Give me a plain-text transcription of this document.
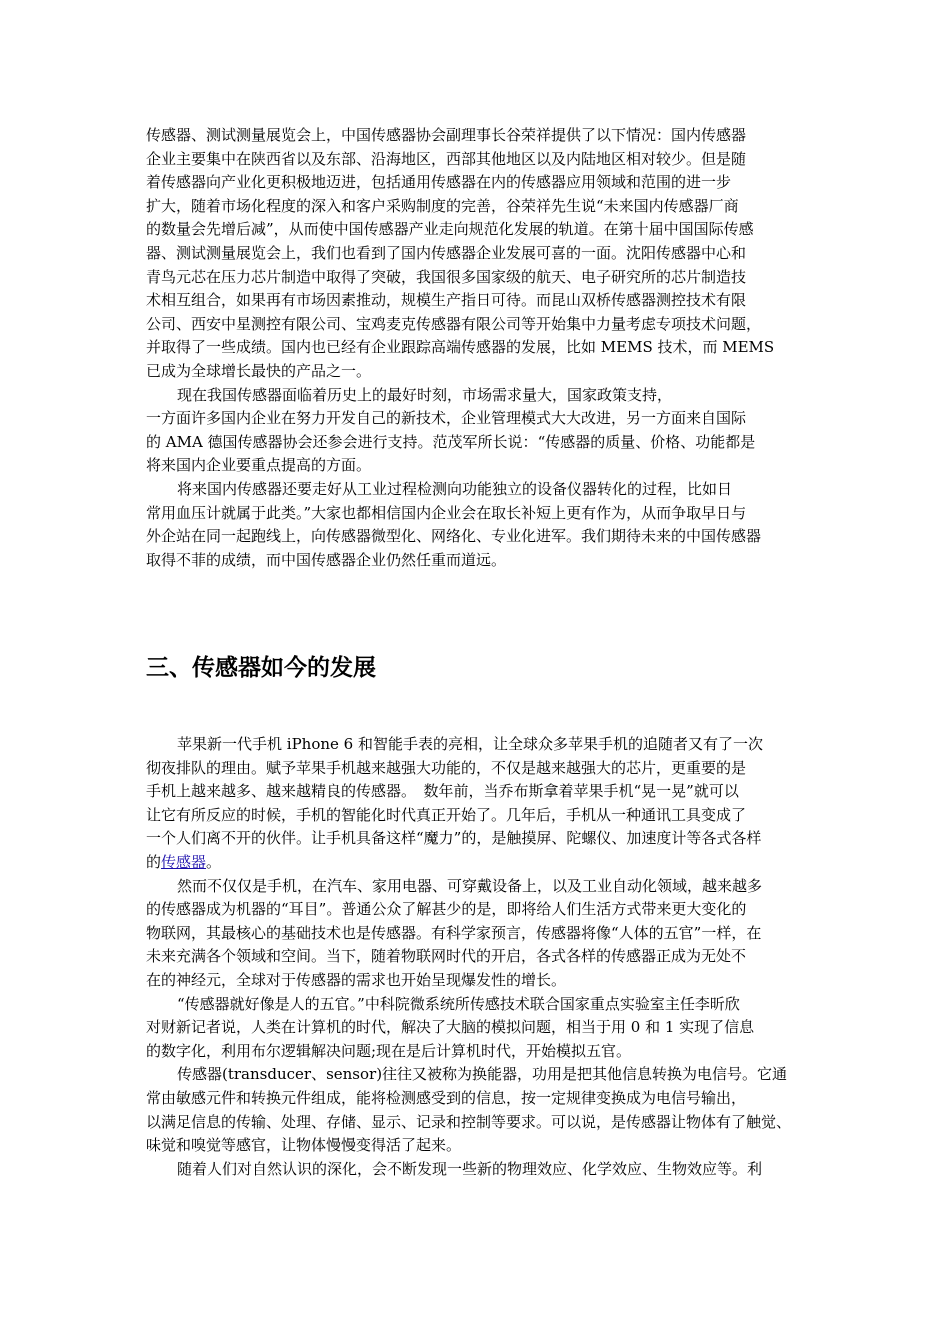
传感器、测试测量展览会上，中国传感器协会副理事长谷荣祥提供了以下情况：国内传感器
企业主要集中在陕西省以及东部、沿海地区，西部其他地区以及内陆地区相对较少。但是随
着传感器向产业化更积极地迈进，包括通用传感器在内的传感器应用领域和范围的进一步
扩大，随着市场化程度的深入和客户采购制度的完善，谷荣祥先生说“未来国内传感器厂商
的数量会先增后减”，从而使中国传感器产业走向规范化发展的轨道。在第十届中国国际传感
器、测试测量展览会上，我们也看到了国内传感器企业发展可喜的一面。沈阳传感器中心和
青鸟元芯在压力芯片制造中取得了突破，我国很多国家级的航天、电子研究所的芯片制造技
术相互组合，如果再有市场因素推动，规模生产指日可待。而昆山双桥传感器测控技术有限
公司、西安中星测控有限公司、宝鸡麦克传感器有限公司等开始集中力量考虑专项技术问题，
并取得了一些成绩。国内也已经有企业跟踪高端传感器的发展，比如 MEMS 技术，而 MEMS
已成为全球增长最快的产品之一。
现在我国传感器面临着历史上的最好时刻，市场需求量大，国家政策支持，
一方面许多国内企业在努力开发自己的新技术，企业管理模式大大改进，另一方面来自国际
的 AMA 德国传感器协会还参会进行支持。范茂军所长说：“传感器的质量、价格、功能都是
将来国内企业要重点提高的方面。
将来国内传感器还要走好从工业过程检测向功能独立的设备仪器转化的过程，比如日
常用血压计就属于此类。”大家也都相信国内企业会在取长补短上更有作为，从而争取早日与
外企站在同一起跑线上，向传感器微型化、网络化、专业化进军。我们期待未来的中国传感器
取得不菲的成绩，而中国传感器企业仍然任重而道远。
三、传感器如今的发展
苹果新一代手机 iPhone 6 和智能手表的亮相，让全球众多苹果手机的追随者又有了一次
彻夜排队的理由。赋予苹果手机越来越强大功能的，不仅是越来越强大的芯片，更重要的是
手机上越来越多、越来越精良的传感器。　数年前，当乔布斯拿着苹果手机“晃一晃”就可以
让它有所反应的时候，手机的智能化时代真正开始了。几年后，手机从一种通讯工具变成了
一个人们离不开的伙伴。让手机具备这样“魔力”的，是触摸屏、陀螺仪、加速度计等各式各样
的传感器。
然而不仅仅是手机，在汽车、家用电器、可穿戴设备上，以及工业自动化领域，越来越多
的传感器成为机器的“耳目”。普通公众了解甚少的是，即将给人们生活方式带来更大变化的
物联网，其最核心的基础技术也是传感器。有科学家预言，传感器将像“人体的五官”一样，在
未来充满各个领域和空间。当下，随着物联网时代的开启，各式各样的传感器正成为无处不
在的神经元，全球对于传感器的需求也开始呈现爆发性的增长。
“传感器就好像是人的五官。”中科院微系统所传感技术联合国家重点实验室主任李昕欣
对财新记者说，人类在计算机的时代，解决了大脑的模拟问题，相当于用 0 和 1 实现了信息
的数字化，利用布尔逻辑解决问题;现在是后计算机时代，开始模拟五官。
传感器(transducer、sensor)往往又被称为换能器，功用是把其他信息转换为电信号。它通
常由敏感元件和转换元件组成，能将检测感受到的信息，按一定规律变换成为电信号输出，
以满足信息的传输、处理、存储、显示、记录和控制等要求。可以说，是传感器让物体有了触觉、
味觉和嗅觉等感官，让物体慢慢变得活了起来。
随着人们对自然认识的深化，会不断发现一些新的物理效应、化学效应、生物效应等。利
